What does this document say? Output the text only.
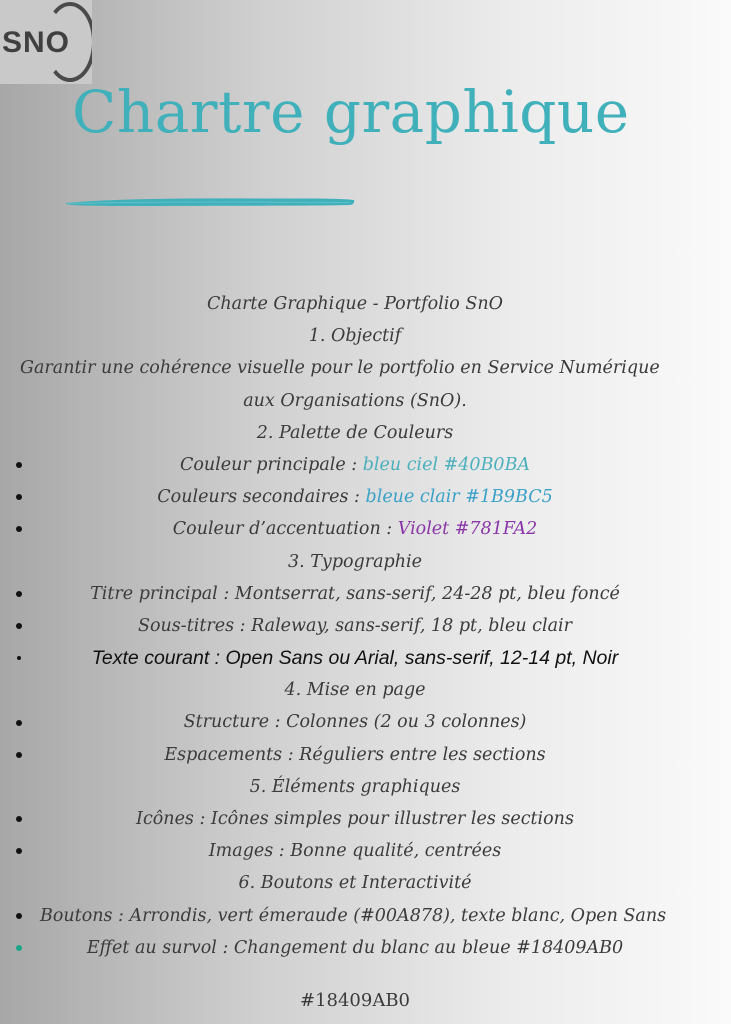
SNO
Chartre graphique
Charte Graphique - Portfolio SnO
1. Objectif
Garantir une cohérence visuelle pour le portfolio en Service Numérique
aux Organisations (SnO).
2. Palette de Couleurs
Couleur principale : bleu ciel #40B0BA
Couleurs secondaires : bleue clair #1B9BC5
Couleur d’accentuation : Violet #781FA2
3. Typographie
Titre principal : Montserrat, sans-serif, 24-28 pt, bleu foncé
Sous-titres : Raleway, sans-serif, 18 pt, bleu clair
Texte courant : Open Sans ou Arial, sans-serif, 12-14 pt, Noir
4. Mise en page
Structure : Colonnes (2 ou 3 colonnes)
Espacements : Réguliers entre les sections
5. Éléments graphiques
Icônes : Icônes simples pour illustrer les sections
Images : Bonne qualité, centrées
6. Boutons et Interactivité
Boutons : Arrondis, vert émeraude (#00A878), texte blanc, Open Sans
Effet au survol : Changement du blanc au bleue #18409AB0
#18409AB0
